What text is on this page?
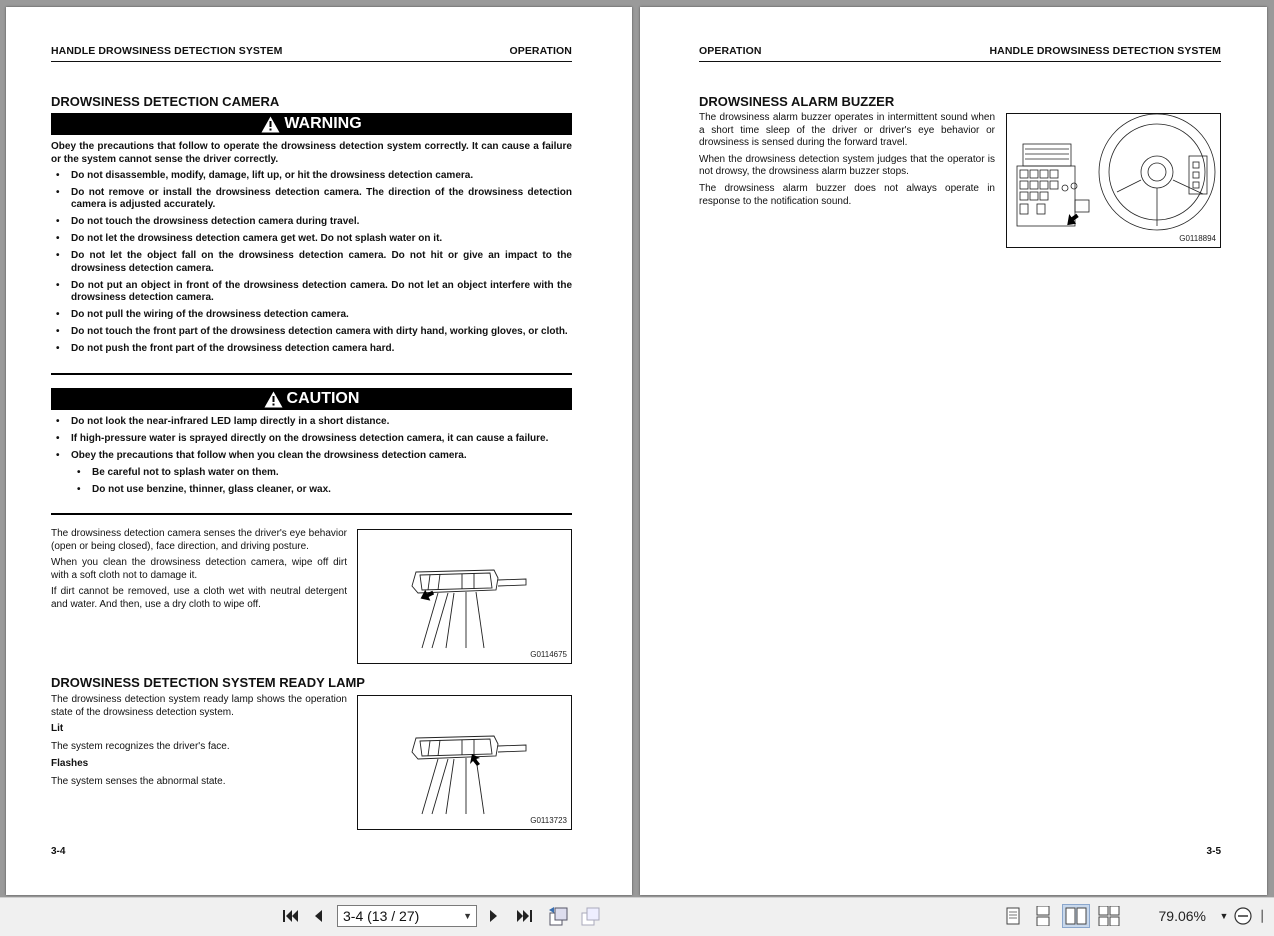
HANDLE DROWSINESS DETECTION SYSTEM	OPERATION
DROWSINESS DETECTION CAMERA
WARNING
Obey the precautions that follow to operate the drowsiness detection system correctly. It can cause a failure or the system cannot sense the driver correctly.
• Do not disassemble, modify, damage, lift up, or hit the drowsiness detection camera.
• Do not remove or install the drowsiness detection camera. The direction of the drowsiness detection camera is adjusted accurately.
• Do not touch the drowsiness detection camera during travel.
• Do not let the drowsiness detection camera get wet. Do not splash water on it.
• Do not let the object fall on the drowsiness detection camera. Do not hit or give an impact to the drowsiness detection camera.
• Do not put an object in front of the drowsiness detection camera. Do not let an object interfere with the drowsiness detection camera.
• Do not pull the wiring of the drowsiness detection camera.
• Do not touch the front part of the drowsiness detection camera with dirty hand, working gloves, or cloth.
• Do not push the front part of the drowsiness detection camera hard.
CAUTION
• Do not look the near-infrared LED lamp directly in a short distance.
• If high-pressure water is sprayed directly on the drowsiness detection camera, it can cause a failure.
• Obey the precautions that follow when you clean the drowsiness detection camera.
• Be careful not to splash water on them.
• Do not use benzine, thinner, glass cleaner, or wax.
The drowsiness detection camera senses the driver's eye behavior (open or being closed), face direction, and driving posture.
When you clean the drowsiness detection camera, wipe off dirt with a soft cloth not to damage it.
If dirt cannot be removed, use a cloth wet with neutral detergent and water. And then, use a dry cloth to wipe off.
G0114675
DROWSINESS DETECTION SYSTEM READY LAMP
The drowsiness detection system ready lamp shows the operation state of the drowsiness detection system.
Lit
The system recognizes the driver's face.
Flashes
The system senses the abnormal state.
G0113723
3-4
OPERATION	HANDLE DROWSINESS DETECTION SYSTEM
DROWSINESS ALARM BUZZER
The drowsiness alarm buzzer operates in intermittent sound when a short time sleep of the driver or driver's eye behavior or drowsiness is sensed during the forward travel.
When the drowsiness detection system judges that the operator is not drowsy, the drowsiness alarm buzzer stops.
The drowsiness alarm buzzer does not always operate in response to the notification sound.
G0118894
3-5
3-4 (13 / 27)	▼	79.06% ▼	▏
